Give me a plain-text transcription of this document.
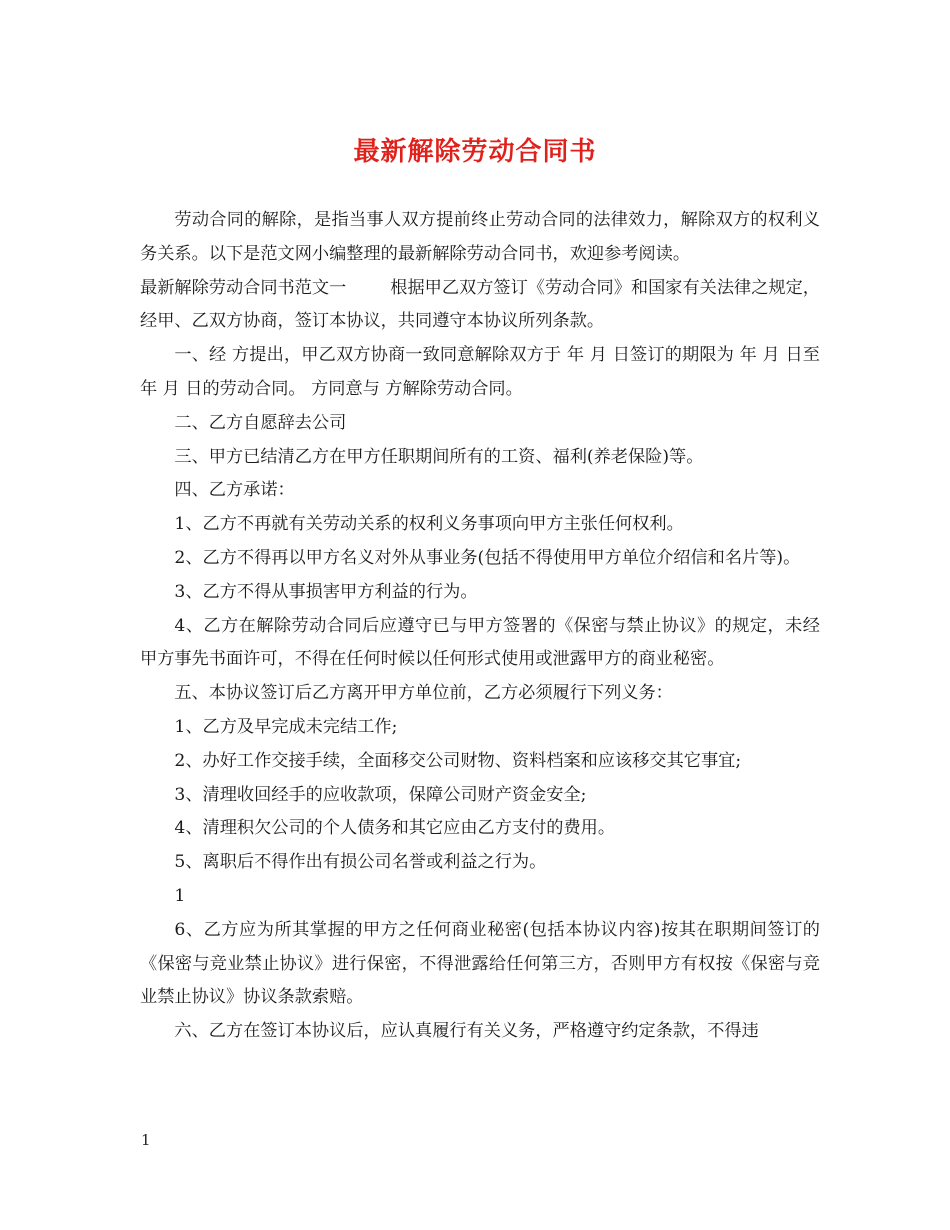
最新解除劳动合同书

劳动合同的解除，是指当事人双方提前终止劳动合同的法律效力，解除双方的权利义务关系。以下是范文网小编整理的最新解除劳动合同书，欢迎参考阅读。

最新解除劳动合同书范文一	根据甲乙双方签订《劳动合同》和国家有关法律之规定，经甲、乙双方协商，签订本协议，共同遵守本协议所列条款。

一、经 方提出，甲乙双方协商一致同意解除双方于 年 月 日签订的期限为 年 月 日至 年 月 日的劳动合同。 方同意与 方解除劳动合同。

二、乙方自愿辞去公司

三、甲方已结清乙方在甲方任职期间所有的工资、福利(养老保险)等。

四、乙方承诺：

1、乙方不再就有关劳动关系的权利义务事项向甲方主张任何权利。

2、乙方不得再以甲方名义对外从事业务(包括不得使用甲方单位介绍信和名片等)。

3、乙方不得从事损害甲方利益的行为。

4、乙方在解除劳动合同后应遵守已与甲方签署的《保密与禁止协议》的规定，未经甲方事先书面许可，不得在任何时候以任何形式使用或泄露甲方的商业秘密。

五、本协议签订后乙方离开甲方单位前，乙方必须履行下列义务：

1、乙方及早完成未完结工作;

2、办好工作交接手续，全面移交公司财物、资料档案和应该移交其它事宜;

3、清理收回经手的应收款项，保障公司财产资金安全;

4、清理积欠公司的个人债务和其它应由乙方支付的费用。

5、离职后不得作出有损公司名誉或利益之行为。

1

6、乙方应为所其掌握的甲方之任何商业秘密(包括本协议内容)按其在职期间签订的《保密与竞业禁止协议》进行保密，不得泄露给任何第三方，否则甲方有权按《保密与竞业禁止协议》协议条款索赔。

六、乙方在签订本协议后，应认真履行有关义务，严格遵守约定条款，不得违

1
